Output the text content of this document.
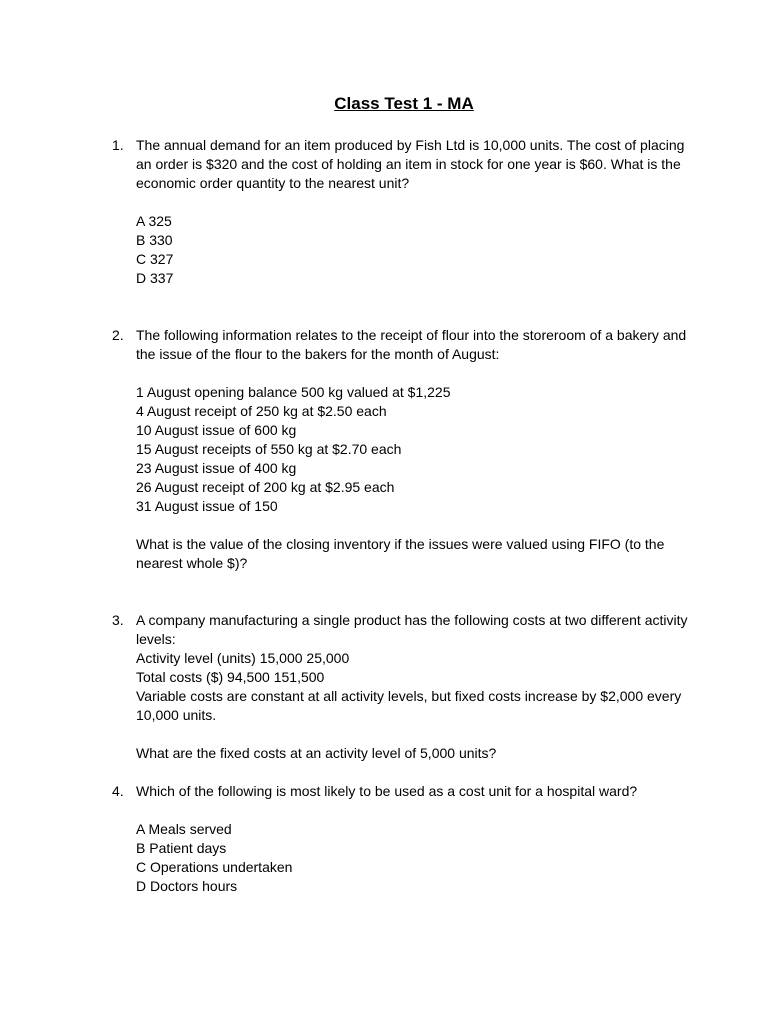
Class Test 1 - MA
1. The annual demand for an item produced by Fish Ltd is 10,000 units. The cost of placing an order is $320 and the cost of holding an item in stock for one year is $60. What is the economic order quantity to the nearest unit?

A 325
B 330
C 327
D 337
2. The following information relates to the receipt of flour into the storeroom of a bakery and the issue of the flour to the bakers for the month of August:

1 August opening balance 500 kg valued at $1,225
4 August receipt of 250 kg at $2.50 each
10 August issue of 600 kg
15 August receipts of 550 kg at $2.70 each
23 August issue of 400 kg
26 August receipt of 200 kg at $2.95 each
31 August issue of 150

What is the value of the closing inventory if the issues were valued using FIFO (to the nearest whole $)?

3. A company manufacturing a single product has the following costs at two different activity levels:

Activity level (units) 15,000 25,000
Total costs ($) 94,500 151,500
Variable costs are constant at all activity levels, but fixed costs increase by $2,000 every 10,000 units.

What are the fixed costs at an activity level of 5,000 units?

4. Which of the following is most likely to be used as a cost unit for a hospital ward?

A Meals served
B Patient days
C Operations undertaken
D Doctors hours
